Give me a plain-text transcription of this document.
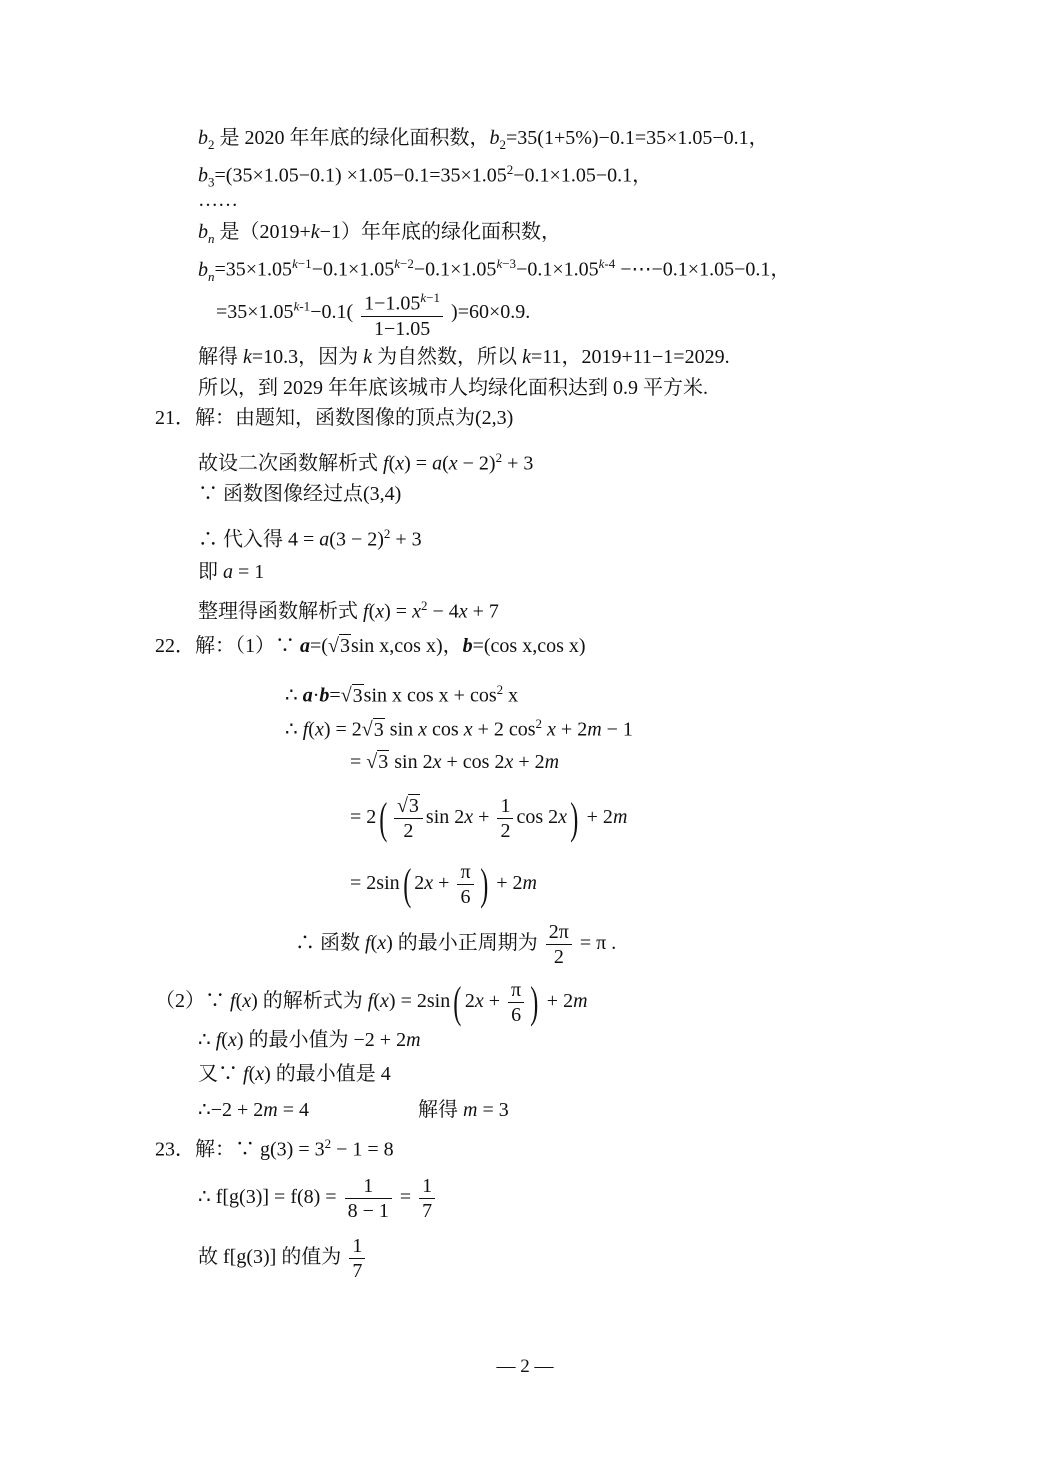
$b_2$ 是 2020 年年底的绿化面积数，$b_2=35(1+5\%)-0.1=35\times 1.05-0.1$，
$b_3=(35\times 1.05-0.1) \times 1.05-0.1=35\times 1.05^2-0.1\times 1.05-0.1$，
……
$b_n$ 是（2019+k−1）年年底的绿化面积数，
$b_n=35\times 1.05^{k-1}-0.1\times 1.05^{k-2}-0.1\times 1.05^{k-3}-0.1\times 1.05^{k-4}$ −⋯−0.1×1.05−0.1，
$=35\times 1.05^{k-1}-0.1( \frac{1-1.05^{k-1}}{1-1.05} )=60\times 0.9$.
解得 k=10.3，因为 k 为自然数，所以 k=11，2019+11−1=2029.
所以，到 2029 年年底该城市人均绿化面积达到 0.9 平方米.
21．解：由题知，函数图像的顶点为(2,3)
故设二次函数解析式 $f(x) = a(x - 2)^2 + 3$
∵ 函数图像经过点(3,4)
∴ 代入得 $4 = a(3 - 2)^2 + 3$
即 a = 1
整理得函数解析式 $f(x) = x^2 - 4x + 7$
22．解：（1）∵ a=(√3sin x,cos x)，b=(cos x,cos x)
∴ a·b=√3sin x $\cos x + \cos^2 x$
∴ f(x) = 2√3 sin x cos x + 2 $\cos^2 x + 2m - 1$
= √3 sin 2x + cos 2x + 2m
= $2( \frac{√3}{2}$ $\sin 2x + \frac{1}{2}$ cos 2x) + 2m
= 2sin( $2x + \frac{\pi}{6}$ ) + 2m
∴ 函数 f(x) 的最小正周期为 $\frac{2\pi}{2} = \pi$ .
（2）∵ f(x) 的解析式为 f(x) = 2sin( $2x + \frac{\pi}{6}$ ) + 2m
∴ f(x) 的最小值为 −2 + 2m
又∵ f(x) 的最小值是 4
∴−2 + 2m = 4	解得 m = 3
23．解：∵ $g(3) = 3^2 - 1 = 8$
∴ $f[g(3)] = f(8) = \frac{1}{8 - 1} = \frac{1}{7}$
故 f[g(3)] 的值为 $\frac{1}{7}$
— 2 —
